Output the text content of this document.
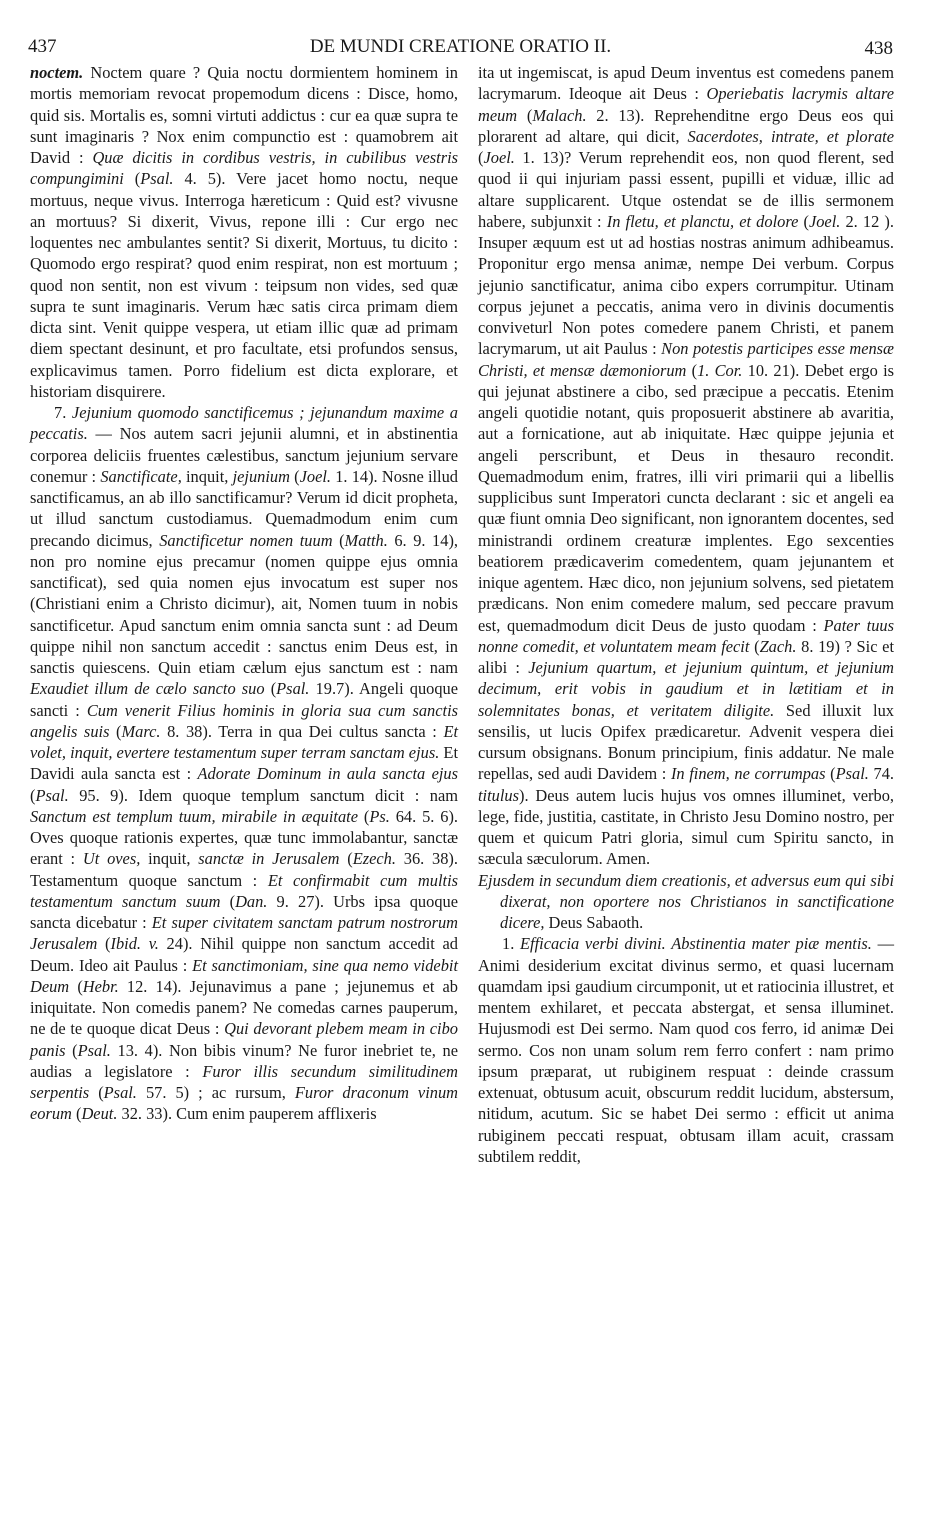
437	DE MUNDI CREATIONE ORATIO II.	438

noctem. Noctem quare ? Quia noctu dormientem hominem in mortis memoriam revocat propemodum dicens : Disce, homo, quid sis. Mortalis es, somni virtuti addictus : cur ea quæ supra te sunt imaginaris ? Nox enim compunctio est : quamobrem ait David : Quæ dicitis in cordibus vestris, in cubilibus vestris compungimini (Psal. 4. 5). Vere jacet homo noctu, neque mortuus, neque vivus. Interroga hæreticum : Quid est? vivusne an mortuus? Si dixerit, Vivus, repone illi : Cur ergo nec loquentes nec ambulantes sentit? Si dixerit, Mortuus, tu dicito : Quomodo ergo respirat? quod enim respirat, non est mortuum ; quod non sentit, non est vivum : teipsum non vides, sed quæ supra te sunt imaginaris. Verum hæc satis circa primam diem dicta sint. Venit quippe vespera, ut etiam illic quæ ad primam diem spectant desinunt, et pro facultate, etsi profundos sensus, explicavimus tamen. Porro fidelium est dicta explorare, et historiam disquirere.

7. Jejunium quomodo sanctificemus ; jejunandum maxime a peccatis. — Nos autem sacri jejunii alumni, et in abstinentia corporea deliciis fruentes cælestibus, sanctum jejunium servare conemur : Sanctificate, inquit, jejunium (Joel. 1. 14). Nosne illud sanctificamus, an ab illo sanctificamur? Verum id dicit propheta, ut illud sanctum custodiamus. Quemadmodum enim cum precando dicimus, Sanctificetur nomen tuum (Matth. 6. 9. 14), non pro nomine ejus precamur (nomen quippe ejus omnia sanctificat), sed quia nomen ejus invocatum est super nos (Christiani enim a Christo dicimur), ait, Nomen tuum in nobis sanctificetur. Apud sanctum enim omnia sancta sunt : ad Deum quippe nihil non sanctum accedit : sanctus enim Deus est, in sanctis quiescens. Quin etiam cælum ejus sanctum est : nam Exaudiet illum de cælo sancto suo (Psal. 19.7). Angeli quoque sancti : Cum venerit Filius hominis in gloria sua cum sanctis angelis suis (Marc. 8. 38). Terra in qua Dei cultus sancta : Et volet, inquit, evertere testamentum super terram sanctam ejus. Et Davidi aula sancta est : Adorate Dominum in aula sancta ejus (Psal. 95. 9). Idem quoque templum sanctum dicit : nam Sanctum est templum tuum, mirabile in æquitate (Ps. 64. 5. 6). Oves quoque rationis expertes, quæ tunc immolabantur, sanctæ erant : Ut oves, inquit, sanctæ in Jerusalem (Ezech. 36. 38). Testamentum quoque sanctum : Et confirmabit cum multis testamentum sanctum suum (Dan. 9. 27). Urbs ipsa quoque sancta dicebatur : Et super civitatem sanctam patrum nostrorum Jerusalem (Ibid. v. 24). Nihil quippe non sanctum accedit ad Deum. Ideo ait Paulus : Et sanctimoniam, sine qua nemo videbit Deum (Hebr. 12. 14). Jejunavimus a pane ; jejunemus et ab iniquitate. Non comedis panem? Ne comedas carnes pauperum, ne de te quoque dicat Deus : Qui devorant plebem meam in cibo panis (Psal. 13. 4). Non bibis vinum? Ne furor inebriet te, ne audias a legislatore : Furor illis secundum similitudinem serpentis (Psal. 57. 5) ; ac rursum, Furor draconum vinum eorum (Deut. 32. 33). Cum enim pauperem afflixeris

ita ut ingemiscat, is apud Deum inventus est comedens panem lacrymarum. Ideoque ait Deus : Operiebatis lacrymis altare meum (Malach. 2. 13). Reprehenditne ergo Deus eos qui plorarent ad altare, qui dicit, Sacerdotes, intrate, et plorate (Joel. 1. 13)? Verum reprehendit eos, non quod flerent, sed quod ii qui injuriam passi essent, pupilli et viduæ, illic ad altare supplicarent. Utque ostendat se de illis sermonem habere, subjunxit : In fletu, et planctu, et dolore (Joel. 2. 12 ). Insuper æquum est ut ad hostias nostras animum adhibeamus. Proponitur ergo mensa animæ, nempe Dei verbum. Corpus jejunio sanctificatur, anima cibo expers corrumpitur. Utinam corpus jejunet a peccatis, anima vero in divinis documentis conviveturl Non potes comedere panem Christi, et panem lacrymarum, ut ait Paulus : Non potestis participes esse mensæ Christi, et mensæ dæmoniorum (1. Cor. 10. 21). Debet ergo is qui jejunat abstinere a cibo, sed præcipue a peccatis. Etenim angeli quotidie notant, quis proposuerit abstinere ab avaritia, aut a fornicatione, aut ab iniquitate. Hæc quippe jejunia et angeli perscribunt, et Deus in thesauro recondit. Quemadmodum enim, fratres, illi viri primarii qui a libellis supplicibus sunt Imperatori cuncta declarant : sic et angeli ea quæ fiunt omnia Deo significant, non ignorantem docentes, sed ministrandi ordinem creaturæ implentes. Ego sexcenties beatiorem prædicaverim comedentem, quam jejunantem et inique agentem. Hæc dico, non jejunium solvens, sed pietatem prædicans. Non enim comedere malum, sed peccare pravum est, quemadmodum dicit Deus de justo quodam : Pater tuus nonne comedit, et voluntatem meam fecit (Zach. 8. 19) ? Sic et alibi : Jejunium quartum, et jejunium quintum, et jejunium decimum, erit vobis in gaudium et in lætitiam et in solemnitates bonas, et veritatem diligite. Sed illuxit lux sensilis, ut lucis Opifex prædicaretur. Advenit vespera diei cursum obsignans. Bonum principium, finis addatur. Ne male repellas, sed audi Davidem : In finem, ne corrumpas (Psal. 74. titulus). Deus autem lucis hujus vos omnes illuminet, verbo, lege, fide, justitia, castitate, in Christo Jesu Domino nostro, per quem et quicum Patri gloria, simul cum Spiritu sancto, in sæcula sæculorum. Amen.

Ejusdem in secundum diem creationis, et adversus eum qui sibi dixerat, non oportere nos Christianos in sanctificatione dicere, Deus Sabaoth.

1. Efficacia verbi divini. Abstinentia mater piæ mentis. — Animi desiderium excitat divinus sermo, et quasi lucernam quamdam ipsi gaudium circumponit, ut et ratiocinia illustret, et mentem exhilaret, et peccata abstergat, et sensa illuminet. Hujusmodi est Dei sermo. Nam quod cos ferro, id animæ Dei sermo. Cos non unam solum rem ferro confert : nam primo ipsum præparat, ut rubiginem respuat : deinde crassum extenuat, obtusum acuit, obscurum reddit lucidum, abstersum, nitidum, acutum. Sic se habet Dei sermo : efficit ut anima rubiginem peccati respuat, obtusam illam acuit, crassam subtilem reddit,
